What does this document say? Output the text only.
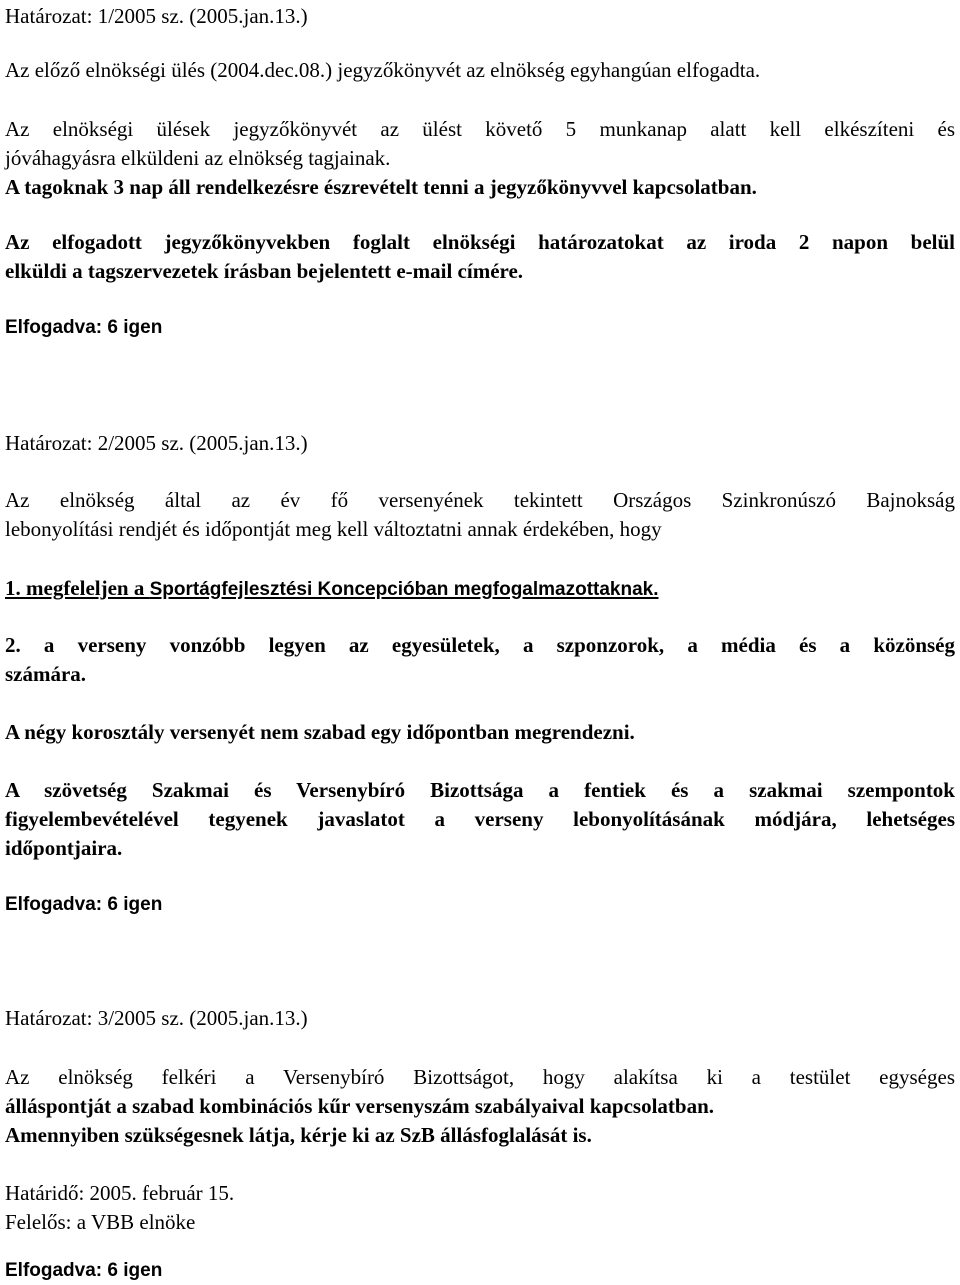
Határozat: 1/2005 sz. (2005.jan.13.)
Az előző elnökségi ülés (2004.dec.08.) jegyzőkönyvét az elnökség egyhangúan elfogadta.
Az elnökségi ülések jegyzőkönyvét az ülést követő 5 munkanap alatt kell elkészíteni és
jóváhagyásra elküldeni az elnökség tagjainak.
A tagoknak 3 nap áll rendelkezésre észrevételt tenni a jegyzőkönyvvel kapcsolatban.
Az elfogadott jegyzőkönyvekben foglalt elnökségi határozatokat az iroda 2 napon belül
elküldi a tagszervezetek írásban bejelentett e-mail címére.
Elfogadva: 6 igen
Határozat: 2/2005 sz. (2005.jan.13.)
Az elnökség által az év fő versenyének tekintett Országos Szinkronúszó Bajnokság
lebonyolítási rendjét és időpontját meg kell változtatni annak érdekében, hogy
1. megfeleljen a Sportágfejlesztési Koncepcióban megfogalmazottaknak.
2. a verseny vonzóbb legyen az egyesületek, a szponzorok, a média és a közönség
számára.
A négy korosztály versenyét nem szabad egy időpontban megrendezni.
A szövetség Szakmai és Versenybíró Bizottsága a fentiek és a szakmai szempontok
figyelembevételével tegyenek javaslatot a verseny lebonyolításának módjára, lehetséges
időpontjaira.
Elfogadva: 6 igen
Határozat: 3/2005 sz. (2005.jan.13.)
Az elnökség felkéri a Versenybíró Bizottságot, hogy alakítsa ki a testület egységes
álláspontját a szabad kombinációs kűr versenyszám szabályaival kapcsolatban.
Amennyiben szükségesnek látja, kérje ki az SzB állásfoglalását is.
Határidő: 2005. február 15.
Felelős: a VBB elnöke
Elfogadva: 6 igen
